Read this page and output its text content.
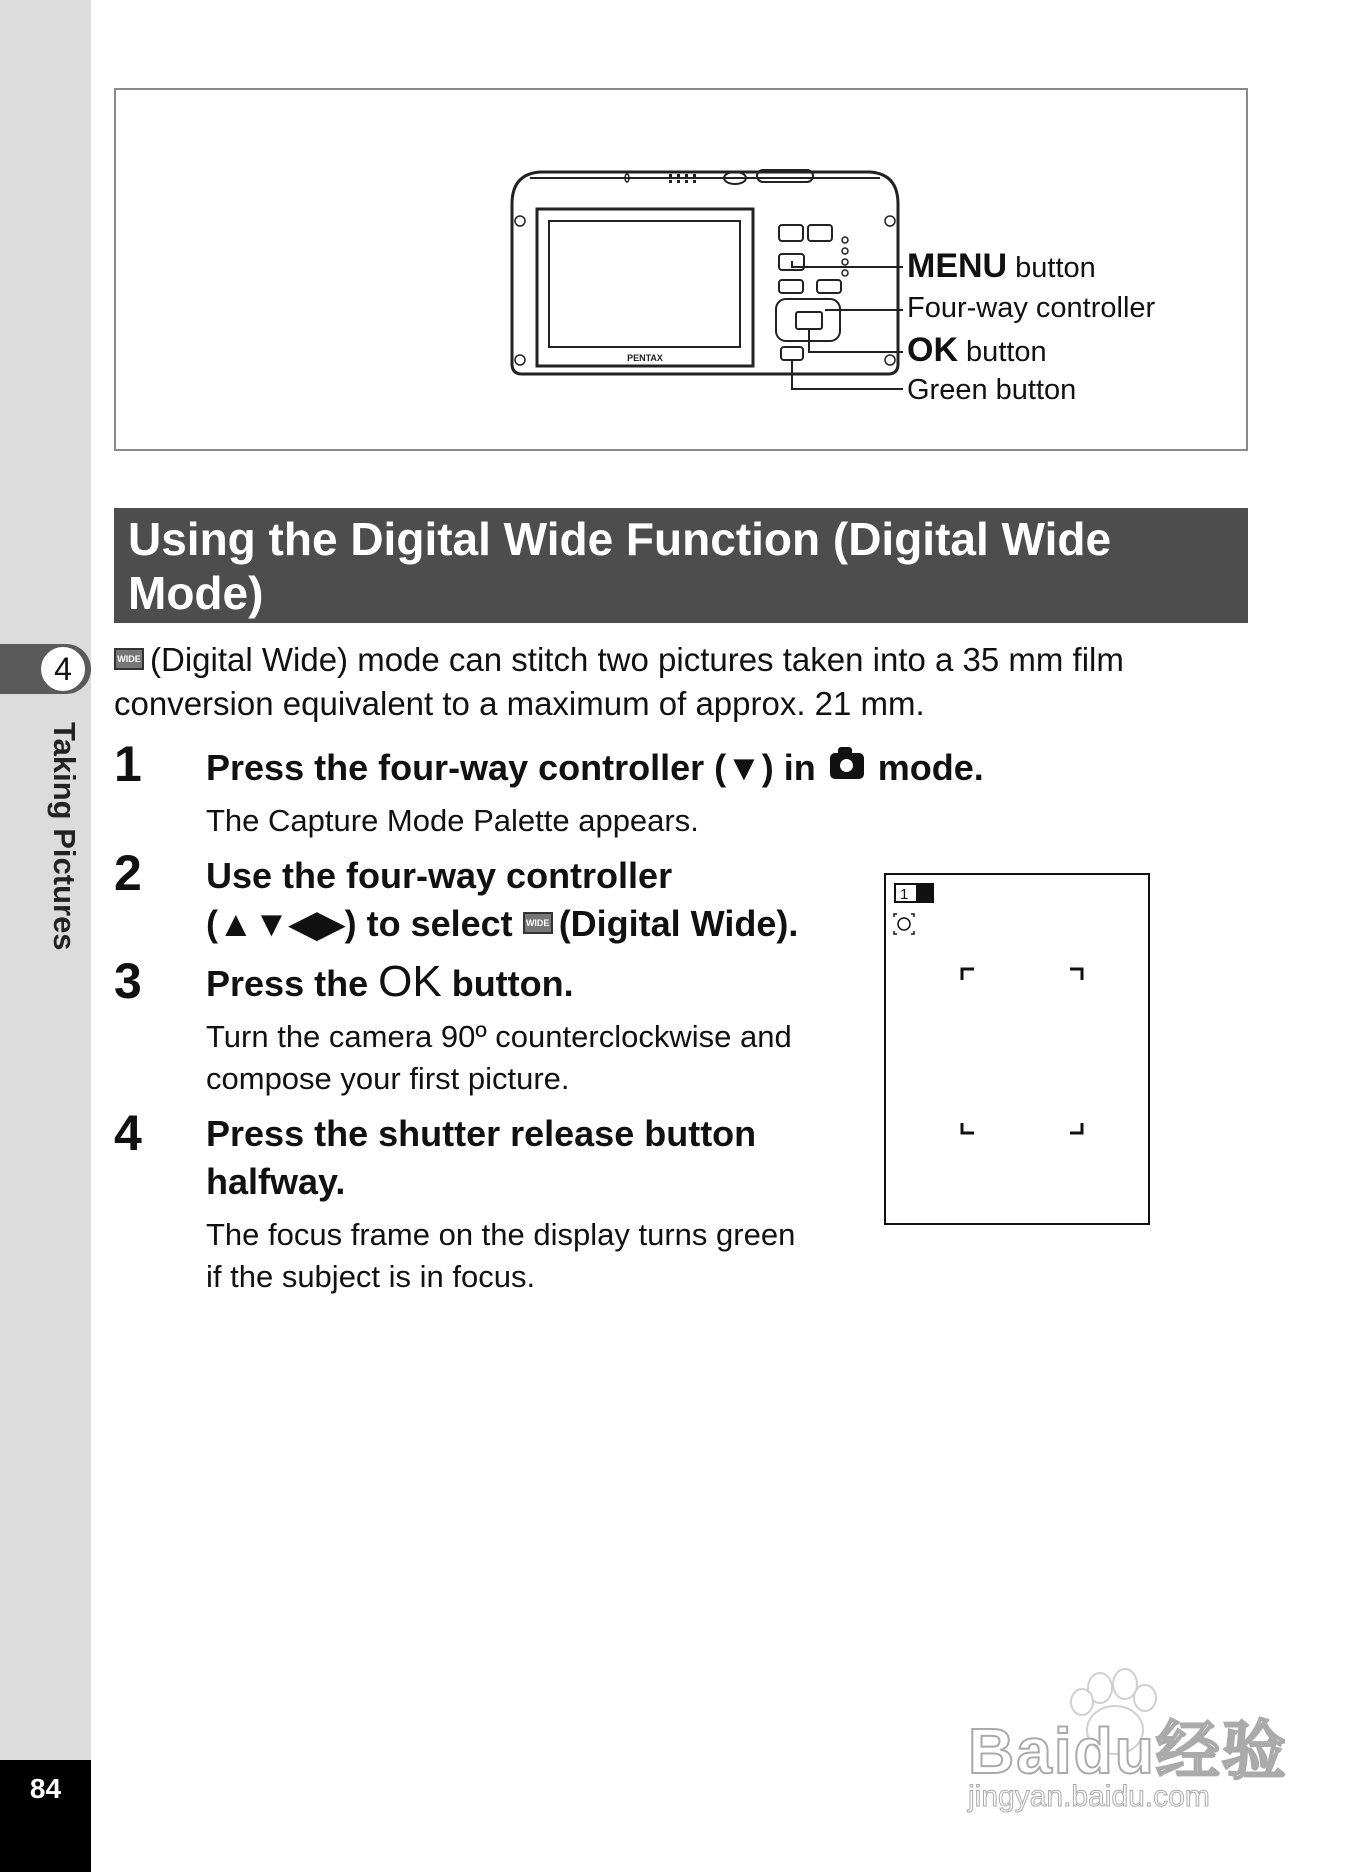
4
Taking Pictures
84
PENTAX
MENU button
Four-way controller
OK button
Green button
Using the Digital Wide Function (Digital Wide Mode)
WIDE (Digital Wide) mode can stitch two pictures taken into a 35 mm film
conversion equivalent to a maximum of approx. 21 mm.
1 Press the four-way controller (▼) in mode.
The Capture Mode Palette appears.
2 Use the four-way controller
(▲▼◀▶) to select WIDE (Digital Wide).
3 Press the OK button.
Turn the camera 90º counterclockwise and
compose your first picture.
4 Press the shutter release button
halfway.
The focus frame on the display turns green
if the subject is in focus.
1
Baidu经验
jingyan.baidu.com
